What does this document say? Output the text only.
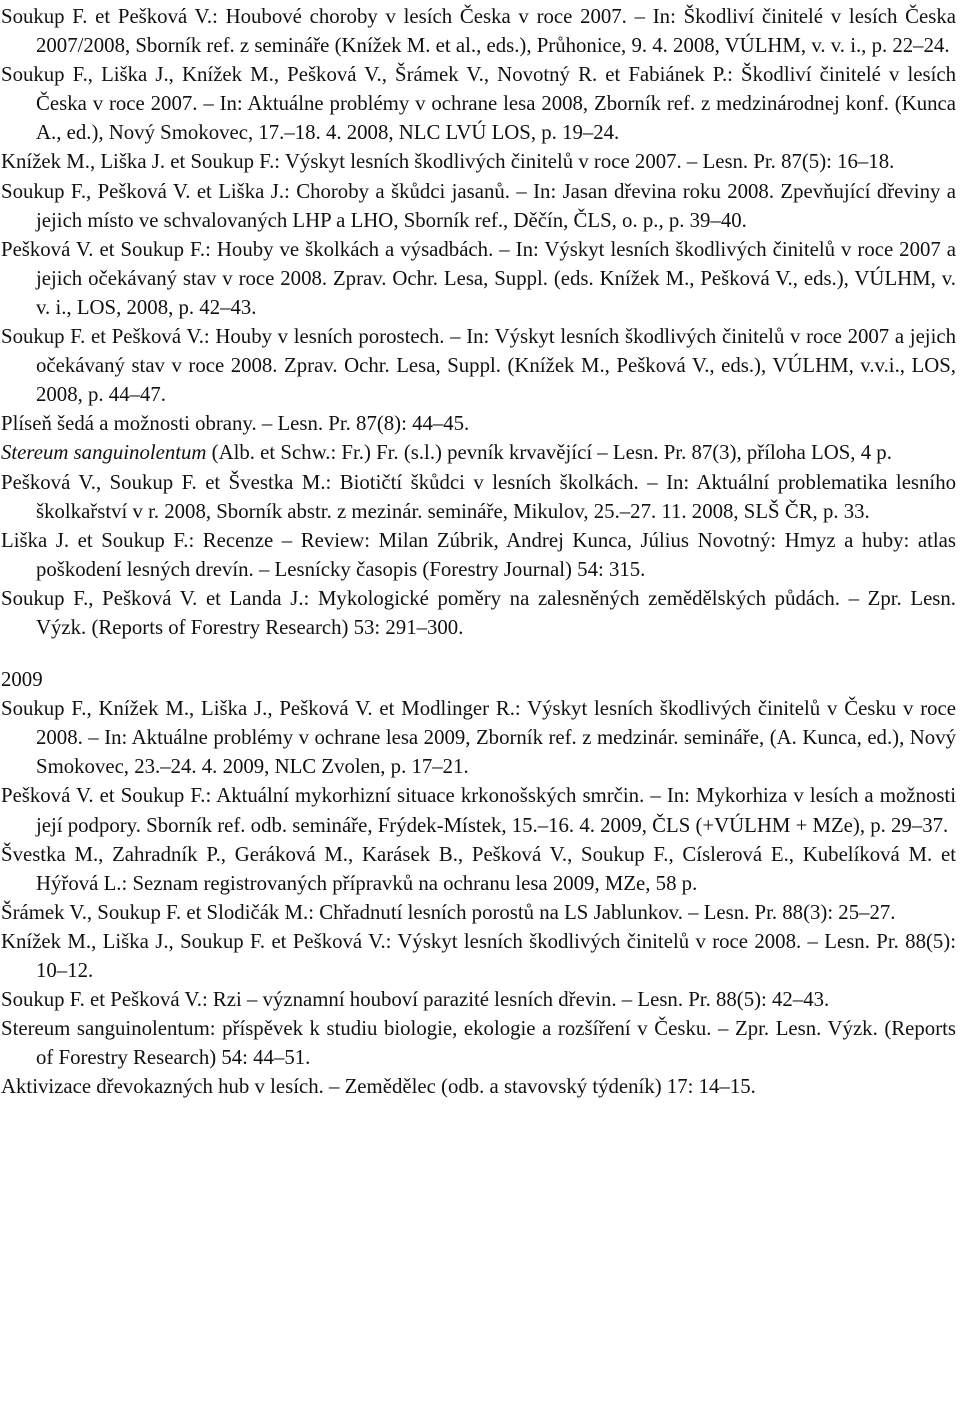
Soukup F. et Pešková V.: Houbové choroby v lesích Česka v roce 2007. – In: Škodliví činitelé v lesích Česka 2007/2008, Sborník ref. z semináře (Knížek M. et al., eds.), Průhonice, 9. 4. 2008, VÚLHM, v. v. i., p. 22–24.

Soukup F., Liška J., Knížek M., Pešková V., Šrámek V., Novotný R. et Fabiánek P.: Škodliví činitelé v lesích Česka v roce 2007. – In: Aktuálne problémy v ochrane lesa 2008, Zborník ref. z medzinárodnej konf. (Kunca A., ed.), Nový Smokovec, 17.–18. 4. 2008, NLC LVÚ LOS, p. 19–24.

Knížek M., Liška J. et Soukup F.: Výskyt lesních škodlivých činitelů v roce 2007. – Lesn. Pr. 87(5): 16–18.

Soukup F., Pešková V. et Liška J.: Choroby a škůdci jasanů. – In: Jasan dřevina roku 2008. Zpevňující dřeviny a jejich místo ve schvalovaných LHP a LHO, Sborník ref., Děčín, ČLS, o. p., p. 39–40.

Pešková V. et Soukup F.: Houby ve školkách a výsadbách. – In: Výskyt lesních škodlivých činitelů v roce 2007 a jejich očekávaný stav v roce 2008. Zprav. Ochr. Lesa, Suppl. (eds. Knížek M., Pešková V., eds.), VÚLHM, v. v. i., LOS, 2008, p. 42–43.

Soukup F. et Pešková V.: Houby v lesních porostech. – In: Výskyt lesních škodlivých činitelů v roce 2007 a jejich očekávaný stav v roce 2008. Zprav. Ochr. Lesa, Suppl. (Knížek M., Pešková V., eds.), VÚLHM, v.v.i., LOS, 2008, p. 44–47.

Plíseň šedá a možnosti obrany. – Lesn. Pr. 87(8): 44–45.

Stereum sanguinolentum (Alb. et Schw.: Fr.) Fr. (s.l.) pevník krvavějící – Lesn. Pr. 87(3), příloha LOS, 4 p.

Pešková V., Soukup F. et Švestka M.: Biotičtí škůdci v lesních školkách. – In: Aktuální problematika lesního školkařství v r. 2008, Sborník abstr. z mezinár. semináře, Mikulov, 25.–27. 11. 2008, SLŠ ČR, p. 33.

Liška J. et Soukup F.: Recenze – Review: Milan Zúbrik, Andrej Kunca, Július Novotný: Hmyz a huby: atlas poškodení lesných drevín. – Lesnícky časopis (Forestry Journal) 54: 315.

Soukup F., Pešková V. et Landa J.: Mykologické poměry na zalesněných zemědělských půdách. – Zpr. Lesn. Výzk. (Reports of Forestry Research) 53: 291–300.

2009

Soukup F., Knížek M., Liška J., Pešková V. et Modlinger R.: Výskyt lesních škodlivých činitelů v Česku v roce 2008. – In: Aktuálne problémy v ochrane lesa 2009, Zborník ref. z medzinár. semináře, (A. Kunca, ed.), Nový Smokovec, 23.–24. 4. 2009, NLC Zvolen, p. 17–21.

Pešková V. et Soukup F.: Aktuální mykorhizní situace krkonošských smrčin. – In: Mykorhiza v lesích a možnosti její podpory. Sborník ref. odb. semináře, Frýdek-Místek, 15.–16. 4. 2009, ČLS (+VÚLHM + MZe), p. 29–37.

Švestka M., Zahradník P., Geráková M., Karásek B., Pešková V., Soukup F., Císlerová E., Kubelíková M. et Hýřová L.: Seznam registrovaných přípravků na ochranu lesa 2009, MZe, 58 p.

Šrámek V., Soukup F. et Slodičák M.: Chřadnutí lesních porostů na LS Jablunkov. – Lesn. Pr. 88(3): 25–27.

Knížek M., Liška J., Soukup F. et Pešková V.: Výskyt lesních škodlivých činitelů v roce 2008. – Lesn. Pr. 88(5): 10–12.

Soukup F. et Pešková V.: Rzi – významní houboví parazité lesních dřevin. – Lesn. Pr. 88(5): 42–43.

Stereum sanguinolentum: příspěvek k studiu biologie, ekologie a rozšíření v Česku. – Zpr. Lesn. Výzk. (Reports of Forestry Research) 54: 44–51.

Aktivizace dřevokazných hub v lesích. – Zemědělec (odb. a stavovský týdeník) 17: 14–15.
